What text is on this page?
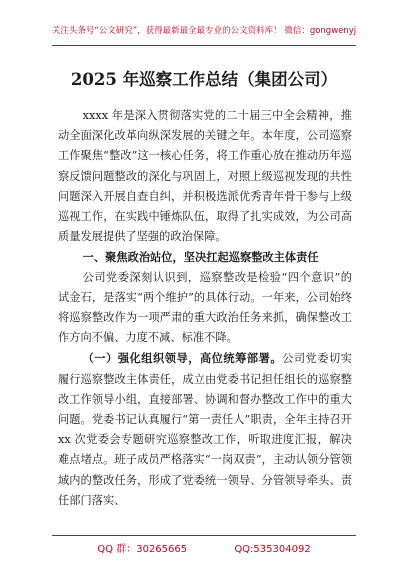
关注头条号“公文研究”，获得最新最全最专业的公文资料库！ 微信：gongwenyj
2025 年巡察工作总结（集团公司）

xxxx 年是深入贯彻落实党的二十届三中全会精神，推动全面深化改革向纵深发展的关键之年。本年度，公司巡察工作聚焦“整改”这一核心任务，将工作重心放在推动历年巡察反馈问题整改的深化与巩固上，对照上级巡视发现的共性问题深入开展自查自纠，并积极选派优秀青年骨干参与上级巡视工作，在实践中锤炼队伍，取得了扎实成效，为公司高质量发展提供了坚强的政治保障。

一、聚焦政治站位，坚决扛起巡察整改主体责任

公司党委深刻认识到，巡察整改是检验“四个意识”的试金石，是落实“两个维护”的具体行动。一年来，公司始终将巡察整改作为一项严肃的重大政治任务来抓，确保整改工作方向不偏、力度不减、标准不降。

（一）强化组织领导，高位统筹部署。公司党委切实履行巡察整改主体责任，成立由党委书记担任组长的巡察整改工作领导小组，直接部署、协调和督办整改工作中的重大问题。党委书记认真履行“第一责任人”职责，全年主持召开 xx 次党委会专题研究巡察整改工作，听取进度汇报，解决难点堵点。班子成员严格落实“一岗双责”，主动认领分管领域内的整改任务，形成了党委统一领导、分管领导牵头、责任部门落实、

QQ 群：30265665	QQ:535304092
